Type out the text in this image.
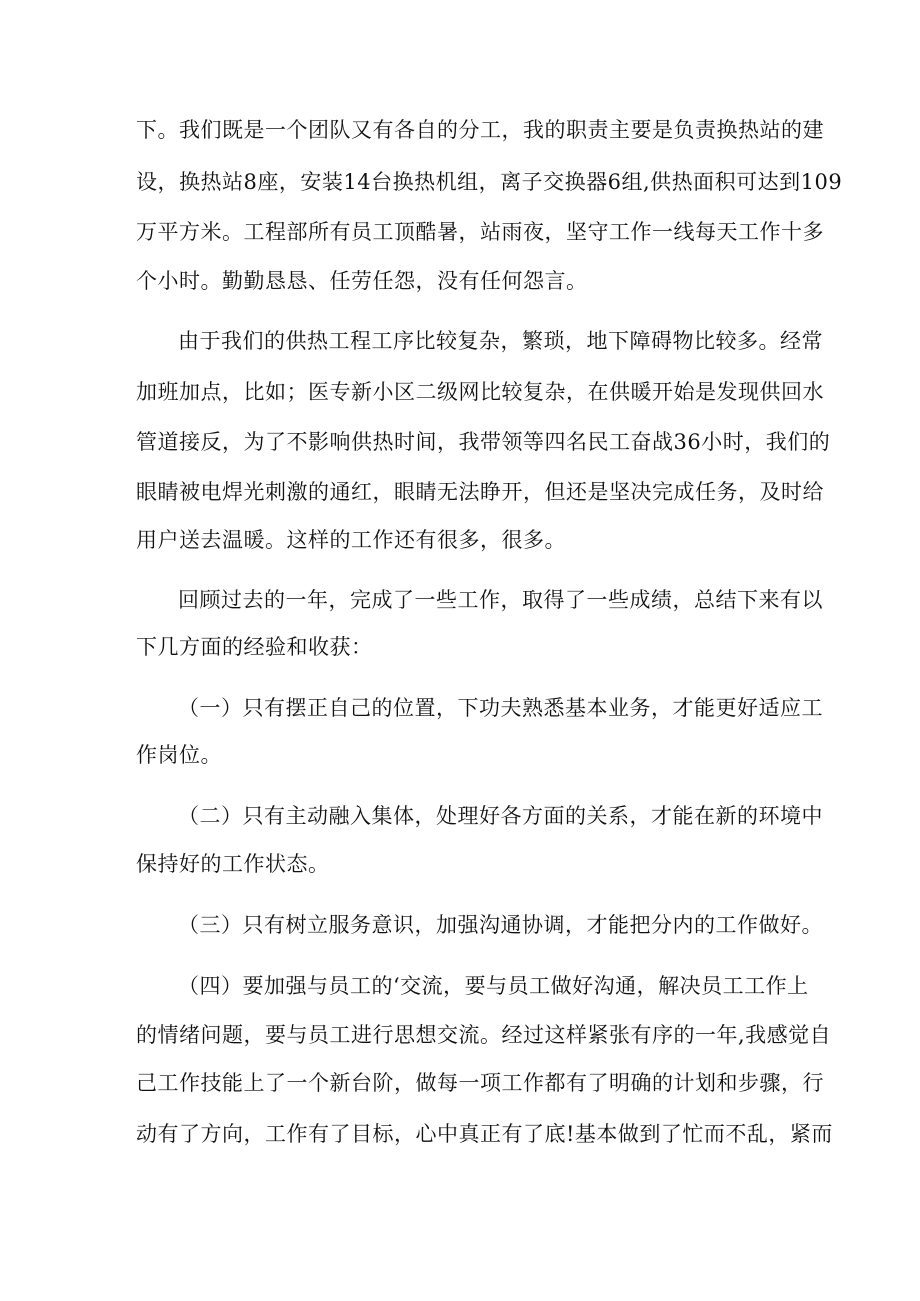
下。我们既是一个团队又有各自的分工，我的职责主要是负责换热站的建
设，换热站8座，安装14台换热机组，离子交换器6组,供热面积可达到109
万平方米。工程部所有员工顶酷暑，站雨夜，坚守工作一线每天工作十多
个小时。勤勤恳恳、任劳任怨，没有任何怨言。
由于我们的供热工程工序比较复杂，繁琐，地下障碍物比较多。经常
加班加点，比如；医专新小区二级网比较复杂，在供暖开始是发现供回水
管道接反，为了不影响供热时间，我带领等四名民工奋战36小时，我们的
眼睛被电焊光刺激的通红，眼睛无法睁开，但还是坚决完成任务，及时给
用户送去温暖。这样的工作还有很多，很多。
回顾过去的一年，完成了一些工作，取得了一些成绩，总结下来有以
下几方面的经验和收获：
（一）只有摆正自己的位置，下功夫熟悉基本业务，才能更好适应工
作岗位。
（二）只有主动融入集体，处理好各方面的关系，才能在新的环境中
保持好的工作状态。
（三）只有树立服务意识，加强沟通协调，才能把分内的工作做好。
（四）要加强与员工的‘交流，要与员工做好沟通，解决员工工作上
的情绪问题，要与员工进行思想交流。经过这样紧张有序的一年,我感觉自
己工作技能上了一个新台阶，做每一项工作都有了明确的计划和步骤，行
动有了方向，工作有了目标，心中真正有了底!基本做到了忙而不乱，紧而
